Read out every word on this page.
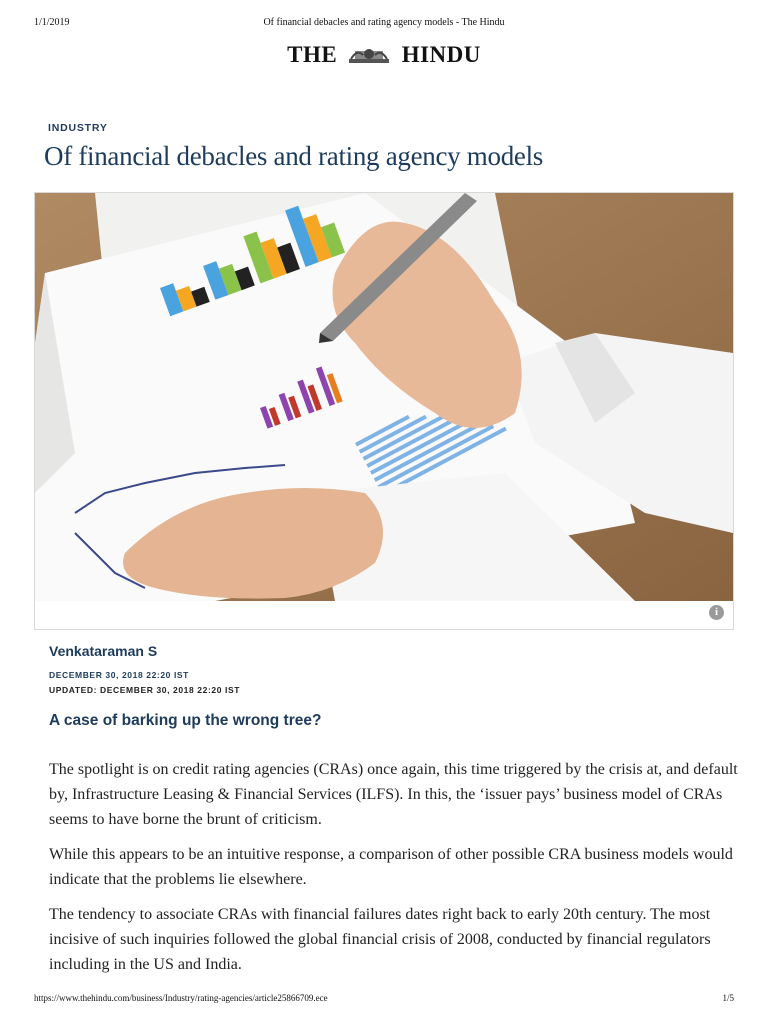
1/1/2019	Of financial debacles and rating agency models - The Hindu
THE	HINDU
INDUSTRY
Of financial debacles and rating agency models
i
Venkataraman S
DECEMBER 30, 2018 22:20 IST
UPDATED: DECEMBER 30, 2018 22:20 IST
A case of barking up the wrong tree?

The spotlight is on credit rating agencies (CRAs) once again, this time triggered by the crisis at, and default by, Infrastructure Leasing & Financial Services (ILFS). In this, the ‘issuer pays’ business model of CRAs seems to have borne the brunt of criticism.

While this appears to be an intuitive response, a comparison of other possible CRA business models would indicate that the problems lie elsewhere.

The tendency to associate CRAs with financial failures dates right back to early 20th century. The most incisive of such inquiries followed the global financial crisis of 2008, conducted by financial regulators including in the US and India.

https://www.thehindu.com/business/Industry/rating-agencies/article25866709.ece	1/5
